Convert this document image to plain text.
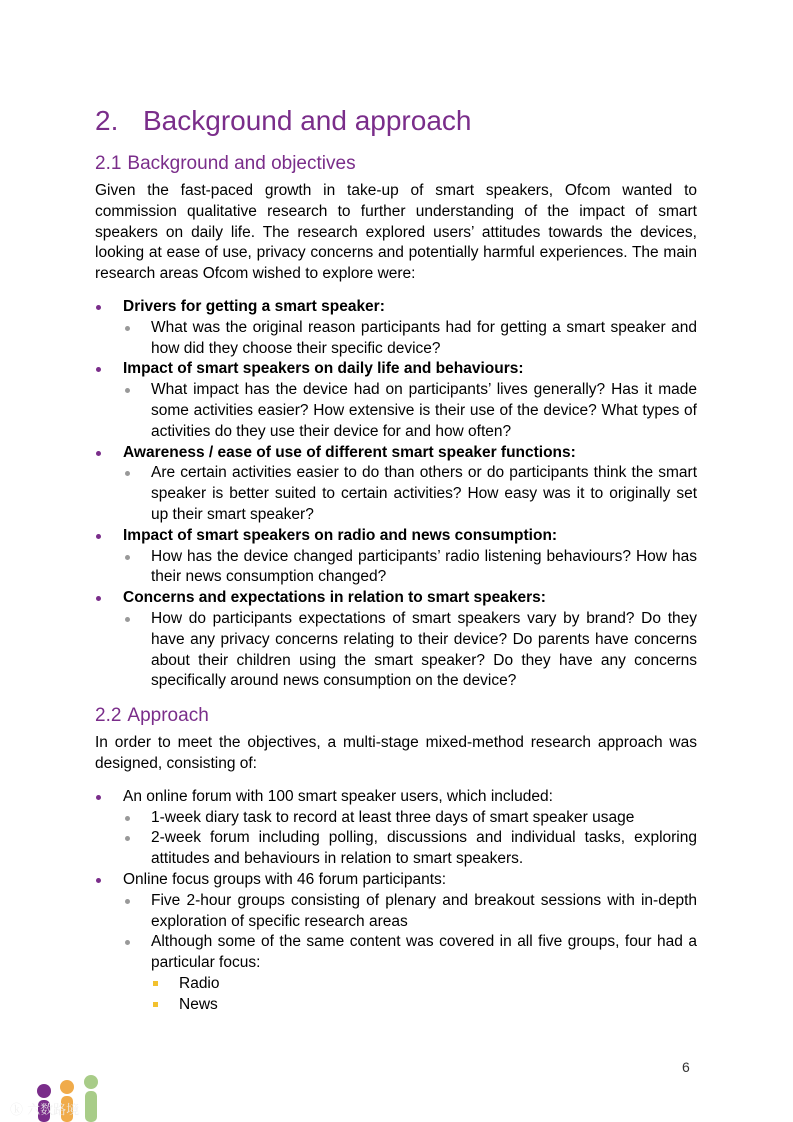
2. Background and approach
2.1 Background and objectives

Given the fast-paced growth in take-up of smart speakers, Ofcom wanted to commission qualitative research to further understanding of the impact of smart speakers on daily life. The research explored users’ attitudes towards the devices, looking at ease of use, privacy concerns and potentially harmful experiences. The main research areas Ofcom wished to explore were:

Drivers for getting a smart speaker:
What was the original reason participants had for getting a smart speaker and how did they choose their specific device?
Impact of smart speakers on daily life and behaviours:
What impact has the device had on participants’ lives generally? Has it made some activities easier? How extensive is their use of the device? What types of activities do they use their device for and how often?
Awareness / ease of use of different smart speaker functions:
Are certain activities easier to do than others or do participants think the smart speaker is better suited to certain activities? How easy was it to originally set up their smart speaker?
Impact of smart speakers on radio and news consumption:
How has the device changed participants’ radio listening behaviours? How has their news consumption changed?
Concerns and expectations in relation to smart speakers:
How do participants expectations of smart speakers vary by brand? Do they have any privacy concerns relating to their device? Do parents have concerns about their children using the smart speaker? Do they have any concerns specifically around news consumption on the device?
2.2 Approach

In order to meet the objectives, a multi-stage mixed-method research approach was designed, consisting of:

An online forum with 100 smart speaker users, which included:
1-week diary task to record at least three days of smart speaker usage
2-week forum including polling, discussions and individual tasks, exploring attitudes and behaviours in relation to smart speakers.
Online focus groups with 46 forum participants:
Five 2-hour groups consisting of plenary and breakout sessions with in-depth exploration of specific research areas
Although some of the same content was covered in all five groups, four had a particular focus:
Radio
News
6
ⓚ 六数路境
